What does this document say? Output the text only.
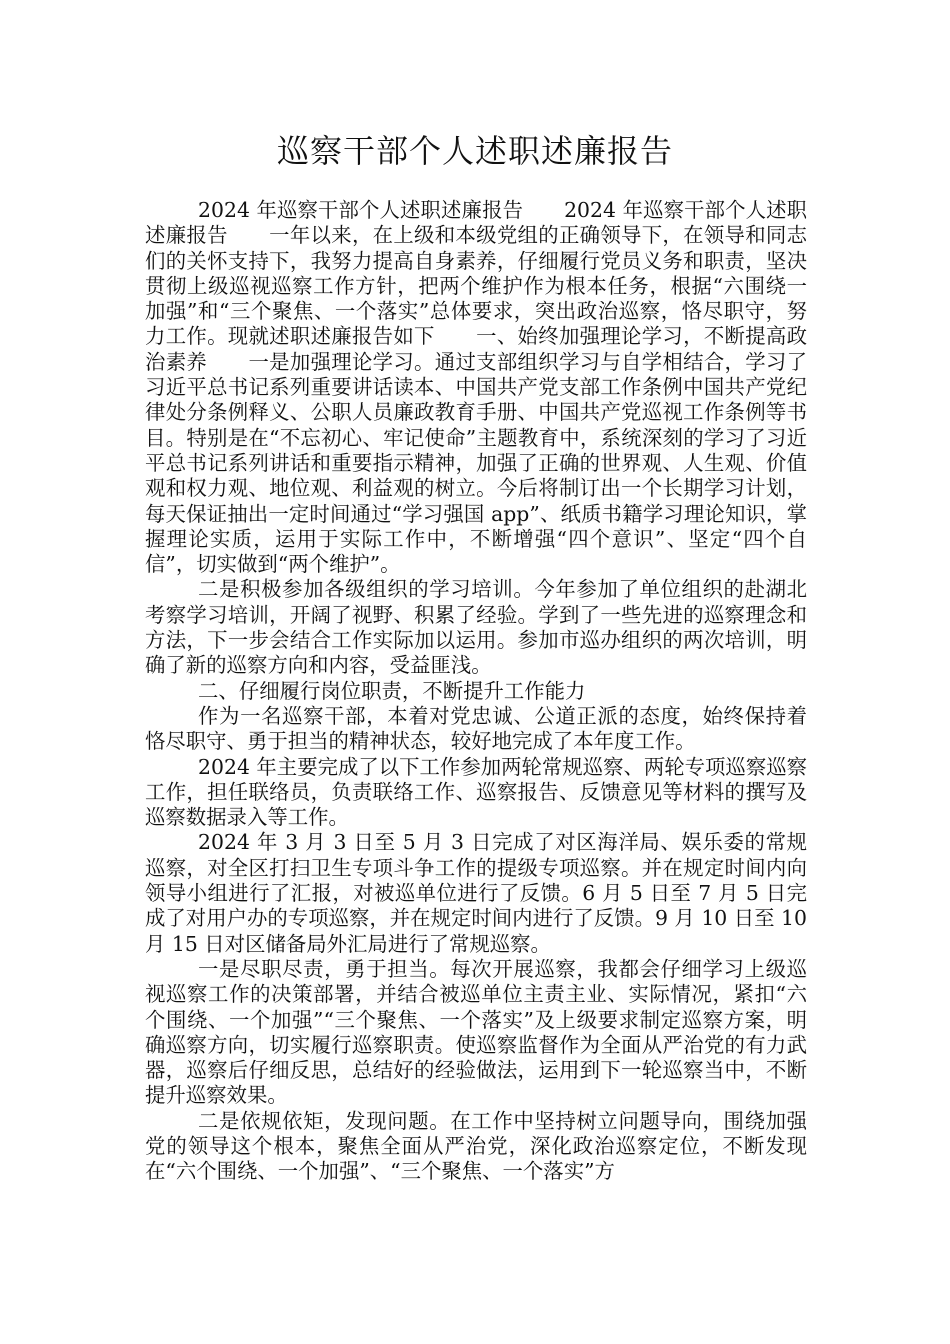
巡察干部个人述职述廉报告

2024 年巡察干部个人述职述廉报告　　2024 年巡察干部个人述职述廉报告　　一年以来，在上级和本级党组的正确领导下，在领导和同志们的关怀支持下，我努力提高自身素养，仔细履行党员义务和职责，坚决贯彻上级巡视巡察工作方针，把两个维护作为根本任务，根据“六围绕一加强”和“三个聚焦、一个落实”总体要求，突出政治巡察，恪尽职守，努力工作。现就述职述廉报告如下　　一、始终加强理论学习，不断提高政治素养　　一是加强理论学习。通过支部组织学习与自学相结合，学习了习近平总书记系列重要讲话读本、中国共产党支部工作条例中国共产党纪律处分条例释义、公职人员廉政教育手册、中国共产党巡视工作条例等书目。特别是在“不忘初心、牢记使命”主题教育中，系统深刻的学习了习近平总书记系列讲话和重要指示精神，加强了正确的世界观、人生观、价值观和权力观、地位观、利益观的树立。今后将制订出一个长期学习计划，每天保证抽出一定时间通过“学习强国 app”、纸质书籍学习理论知识，掌握理论实质，运用于实际工作中，不断增强“四个意识”、坚定“四个自信”，切实做到“两个维护”。

二是积极参加各级组织的学习培训。今年参加了单位组织的赴湖北考察学习培训，开阔了视野、积累了经验。学到了一些先进的巡察理念和方法，下一步会结合工作实际加以运用。参加市巡办组织的两次培训，明确了新的巡察方向和内容，受益匪浅。

二、仔细履行岗位职责，不断提升工作能力

作为一名巡察干部，本着对党忠诚、公道正派的态度，始终保持着恪尽职守、勇于担当的精神状态，较好地完成了本年度工作。

2024 年主要完成了以下工作参加两轮常规巡察、两轮专项巡察巡察工作，担任联络员，负责联络工作、巡察报告、反馈意见等材料的撰写及巡察数据录入等工作。

2024 年 3 月 3 日至 5 月 3 日完成了对区海洋局、娱乐委的常规巡察，对全区打扫卫生专项斗争工作的提级专项巡察。并在规定时间内向领导小组进行了汇报，对被巡单位进行了反馈。6 月 5 日至 7 月 5 日完成了对用户办的专项巡察，并在规定时间内进行了反馈。9 月 10 日至 10 月 15 日对区储备局外汇局进行了常规巡察。

一是尽职尽责，勇于担当。每次开展巡察，我都会仔细学习上级巡视巡察工作的决策部署，并结合被巡单位主责主业、实际情况，紧扣“六个围绕、一个加强”“三个聚焦、一个落实”及上级要求制定巡察方案，明确巡察方向，切实履行巡察职责。使巡察监督作为全面从严治党的有力武器，巡察后仔细反思，总结好的经验做法，运用到下一轮巡察当中，不断提升巡察效果。

二是依规依矩，发现问题。在工作中坚持树立问题导向，围绕加强党的领导这个根本，聚焦全面从严治党，深化政治巡察定位，不断发现在“六个围绕、一个加强”、“三个聚焦、一个落实”方
